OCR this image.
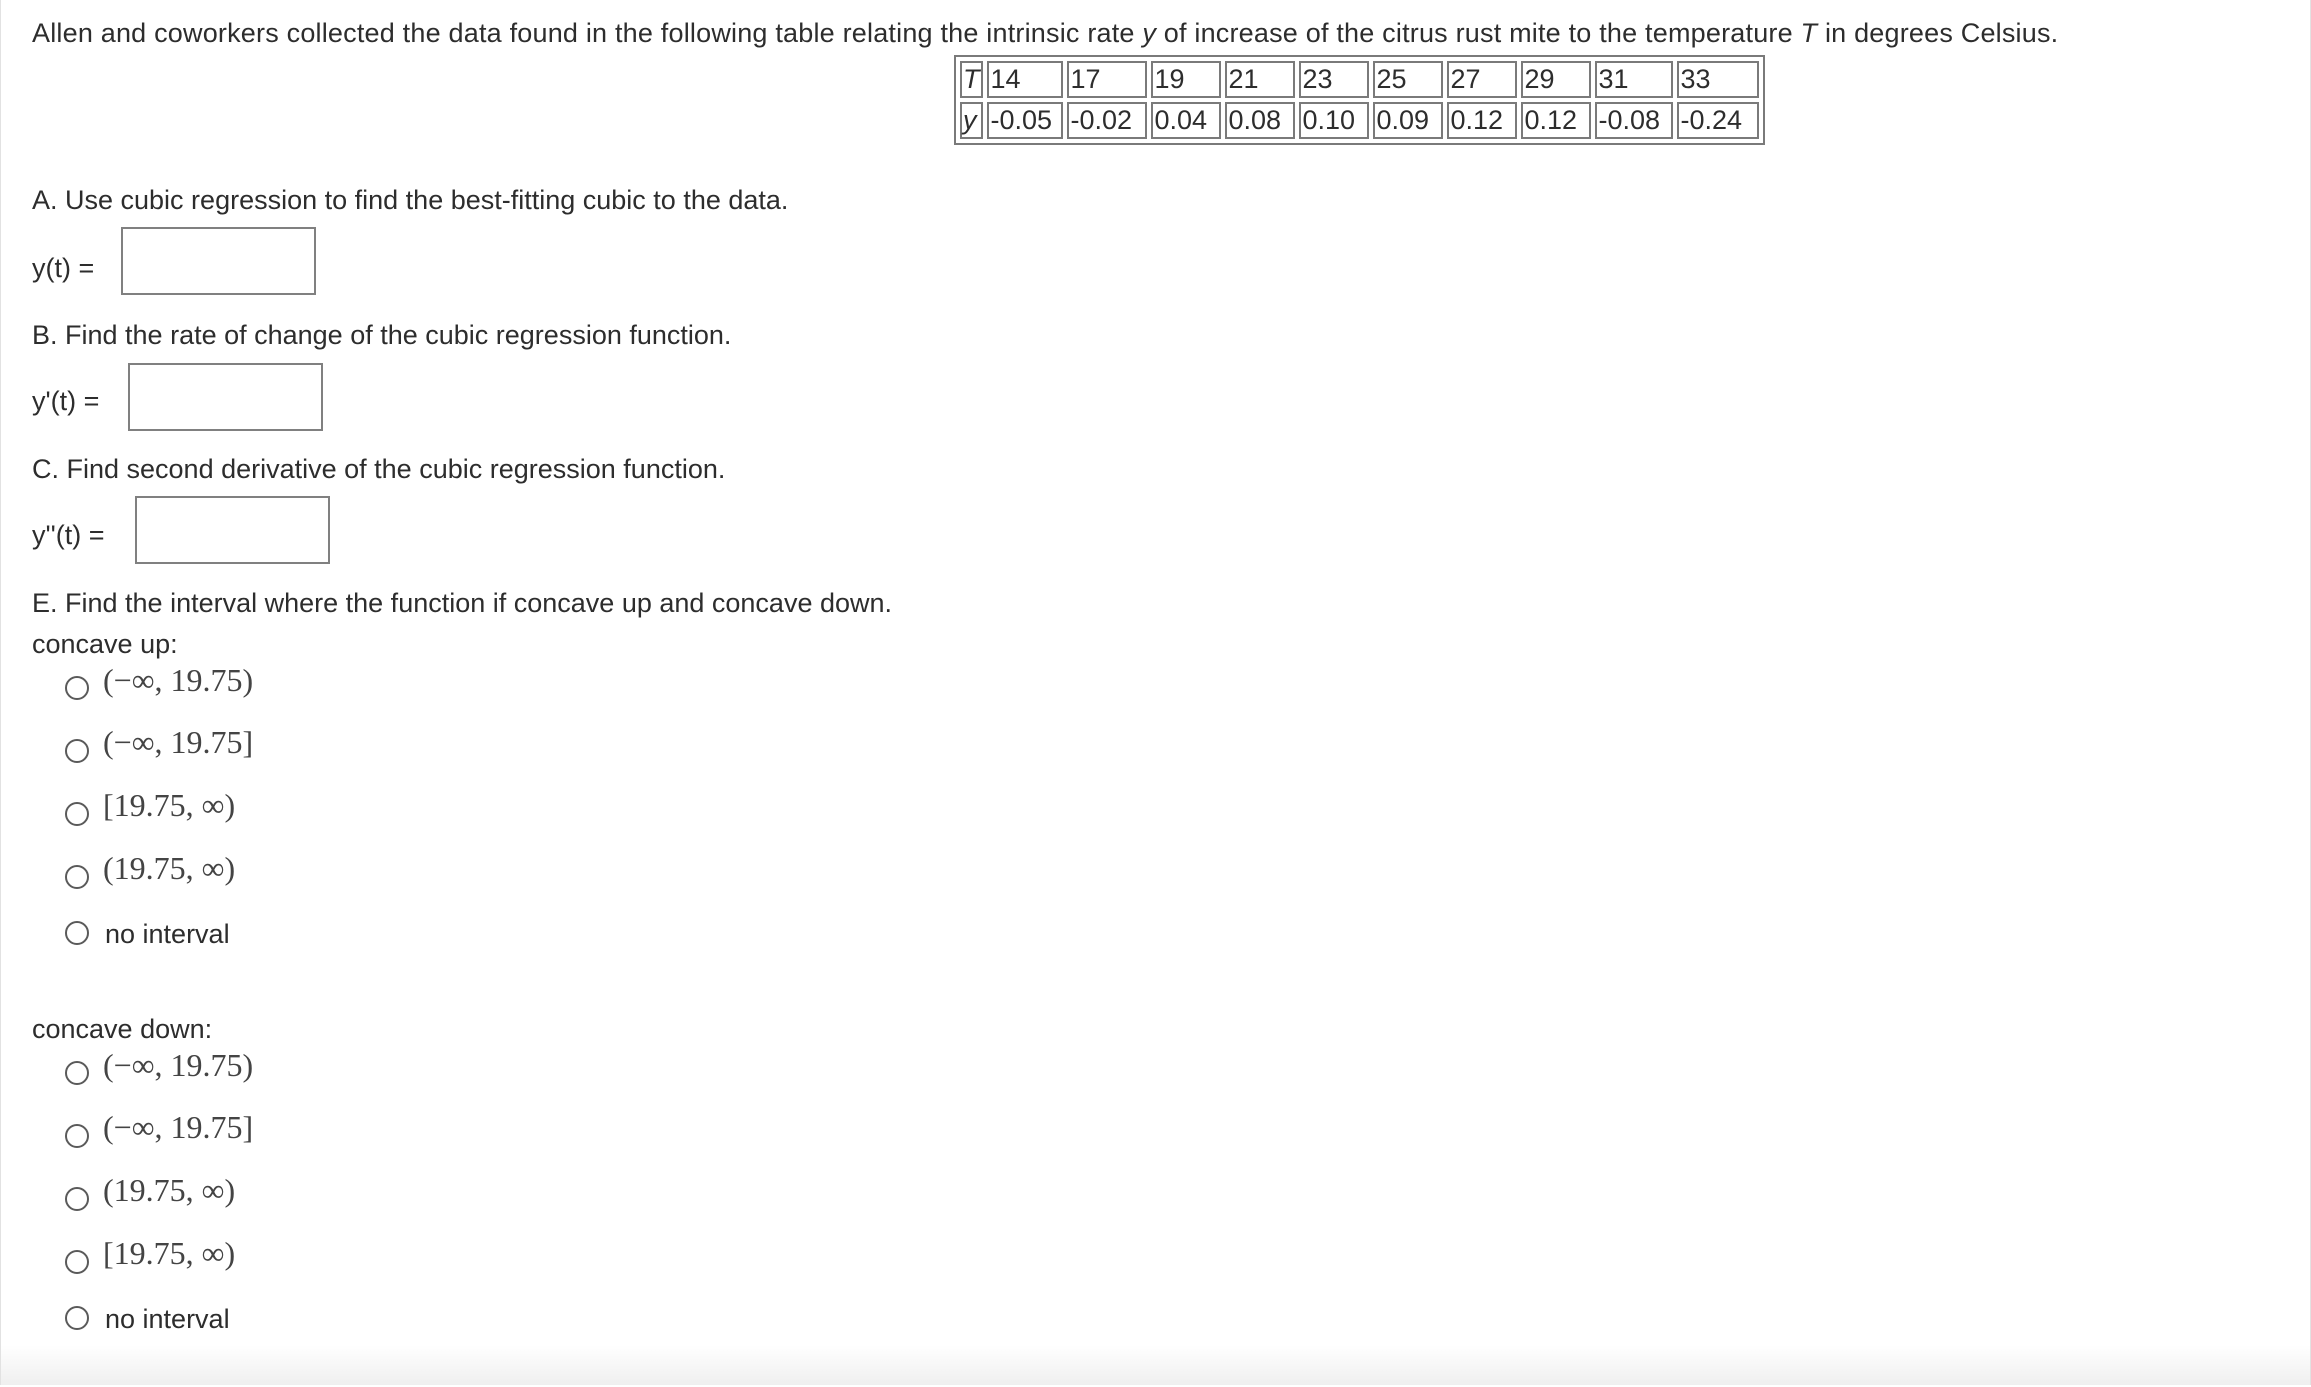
Allen and coworkers collected the data found in the following table relating the intrinsic rate y of increase of the citrus rust mite to the temperature T in degrees Celsius.
T	14	17	19	21	23	25	27	29	31	33
y	-0.05	-0.02	0.04	0.08	0.10	0.09	0.12	0.12	-0.08	-0.24
A. Use cubic regression to find the best-fitting cubic to the data.
y(t) =
B. Find the rate of change of the cubic regression function.
y'(t) =
C. Find second derivative of the cubic regression function.
y''(t) =
E. Find the interval where the function if concave up and concave down.
concave up:
(−∞, 19.75)
(−∞, 19.75]
[19.75, ∞)
(19.75, ∞)
no interval
concave down:
(−∞, 19.75)
(−∞, 19.75]
(19.75, ∞)
[19.75, ∞)
no interval
